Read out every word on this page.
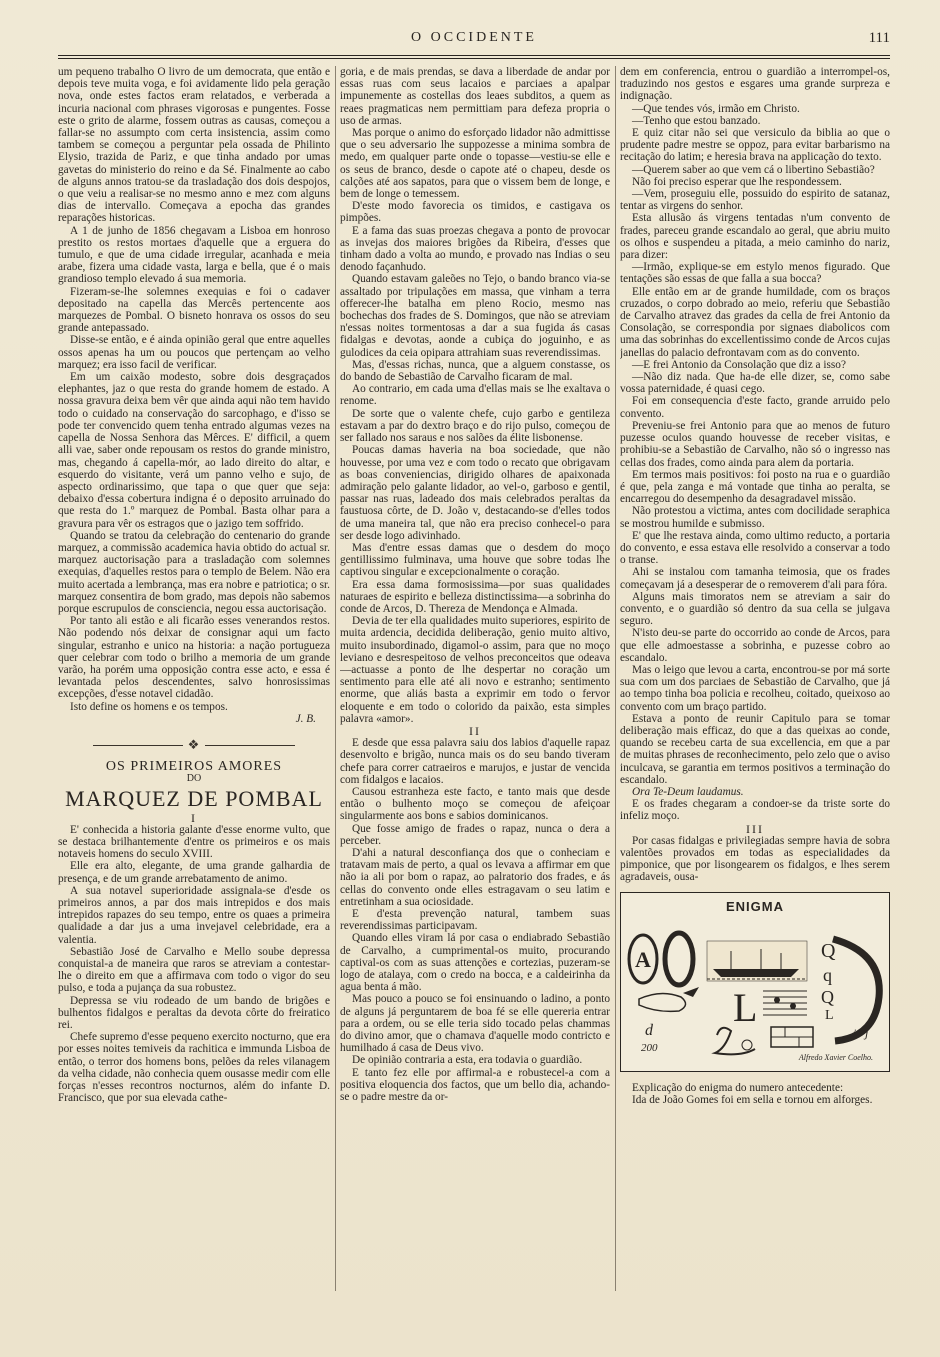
O OCCIDENTE	111

um pequeno trabalho O livro de um democrata, que então e depois teve muita voga, e foi avidamente lido pela geração nova, onde estes factos eram relatados, e verberada a incuria nacional com phrases vigorosas e pungentes. Fosse este o grito de alarme, fossem outras as causas, começou a fallar-se no assumpto com certa insistencia, assim como tambem se começou a perguntar pela ossada de Philinto Elysio, trazida de Pariz, e que tinha andado por umas gavetas do ministerio do reino e da Sé. Finalmente ao cabo de alguns annos tratou-se da trasladação dos dois despojos, o que veiu a realisar-se no mesmo anno e mez com alguns dias de intervallo. Começava a epocha das grandes reparações historicas.

A 1 de junho de 1856 chegavam a Lisboa em honroso prestito os restos mortaes d'aquelle que a erguera do tumulo, e que de uma cidade irregular, acanhada e meia arabe, fizera uma cidade vasta, larga e bella, que é o mais grandioso templo elevado á sua memoria.

Fizeram-se-lhe solemnes exequias e foi o cadaver depositado na capella das Mercês pertencente aos marquezes de Pombal. O bisneto honrava os ossos do seu grande antepassado.

Disse-se então, e é ainda opinião geral que entre aquelles ossos apenas ha um ou poucos que pertençam ao velho marquez; era isso facil de verificar.

Em um caixão modesto, sobre dois desgraçados elephantes, jaz o que resta do grande homem de estado. A nossa gravura deixa bem vêr que ainda aqui não tem havido todo o cuidado na conservação do sarcophago, e d'isso se pode ter convencido quem tenha entrado algumas vezes na capella de Nossa Senhora das Mêrces. E' difficil, a quem alli vae, saber onde repousam os restos do grande ministro, mas, chegando á capella-mór, ao lado direito do altar, e esquerdo do visitante, verá um panno velho e sujo, de aspecto ordinarissimo, que tapa o que quer que seja: debaixo d'essa cobertura indigna é o deposito arruinado do que resta do 1.º marquez de Pombal. Basta olhar para a gravura para vêr os estragos que o jazigo tem soffrido.

Quando se tratou da celebração do centenario do grande marquez, a commissão academica havia obtido do actual sr. marquez auctorisação para a trasladação com solemnes exequias, d'aquelles restos para o templo de Belem. Não era muito acertada a lembrança, mas era nobre e patriotica; o sr. marquez consentira de bom grado, mas depois não sabemos porque escrupulos de consciencia, negou essa auctorisação.

Por tanto ali estão e ali ficarão esses venerandos restos. Não podendo nós deixar de consignar aqui um facto singular, estranho e unico na historia: a nação portugueza quer celebrar com todo o brilho a memoria de um grande varão, ha porém uma opposição contra esse acto, e essa é levantada pelos descendentes, salvo honrosissimas excepções, d'esse notavel cidadão.

Isto define os homens e os tempos.

J. B.

❖

OS PRIMEIROS AMORES

DO

MARQUEZ DE POMBAL

I

E' conhecida a historia galante d'esse enorme vulto, que se destaca brilhantemente d'entre os primeiros e os mais notaveis homens do seculo XVIII.

Elle era alto, elegante, de uma grande galhardia de presença, e de um grande arrebatamento de animo.

A sua notavel superioridade assignala-se d'esde os primeiros annos, a par dos mais intrepidos e dos mais intrepidos rapazes do seu tempo, entre os quaes a primeira qualidade a dar jus a uma invejavel celebridade, era a valentia.

Sebastião José de Carvalho e Mello soube depressa conquistal-a de maneira que raros se atreviam a contestar-lhe o direito em que a affirmava com todo o vigor do seu pulso, e toda a pujança da sua robustez.

Depressa se viu rodeado de um bando de brigões e bulhentos fidalgos e peraltas da devota côrte do freiratico rei.

Chefe supremo d'esse pequeno exercito nocturno, que era por esses noites temiveis da rachitica e immunda Lisboa de então, o terror dos homens bons, pelões da reles vilanagem da velha cidade, não conhecia quem ousasse medir com elle forças n'esses recontros nocturnos, além do infante D. Francisco, que por sua elevada cathe-

goria, e de mais prendas, se dava a liberdade de andar por essas ruas com seus lacaios e parciaes a apalpar impunemente as costellas dos leaes subditos, a quem as reaes pragmaticas nem permittiam para defeza propria o uso de armas.

Mas porque o animo do esforçado lidador não admittisse que o seu adversario lhe suppozesse a minima sombra de medo, em qualquer parte onde o topasse—vestiu-se elle e os seus de branco, desde o capote até o chapeu, desde os calções até aos sapatos, para que o vissem bem de longe, e bem de longe o temessem.

D'este modo favorecia os timidos, e castigava os pimpões.

E a fama das suas proezas chegava a ponto de provocar as invejas dos maiores brigões da Ribeira, d'esses que tinham dado a volta ao mundo, e provado nas Indias o seu denodo façanhudo.

Quando estavam galeões no Tejo, o bando branco via-se assaltado por tripulações em massa, que vinham a terra offerecer-lhe batalha em pleno Rocio, mesmo nas bochechas dos frades de S. Domingos, que não se atreviam n'essas noites tormentosas a dar a sua fugida ás casas fidalgas e devotas, aonde a cubiça do joguinho, e as gulodices da ceia opipara attrahiam suas reverendissimas.

Mas, d'essas richas, nunca, que a alguem constasse, os do bando de Sebastião de Carvalho ficaram de mal.

Ao contrario, em cada uma d'ellas mais se lhe exaltava o renome.

De sorte que o valente chefe, cujo garbo e gentileza estavam a par do dextro braço e do rijo pulso, começou de ser fallado nos saraus e nos salões da élite lisbonense.

Poucas damas haveria na boa sociedade, que não houvesse, por uma vez e com todo o recato que obrigavam as boas conveniencias, dirigido olhares de apaixonada admiração pelo galante lidador, ao vel-o, garboso e gentil, passar nas ruas, ladeado dos mais celebrados peraltas da faustuosa côrte, de D. João v, destacando-se d'elles todos de uma maneira tal, que não era preciso conhecel-o para ser desde logo adivinhado.

Mas d'entre essas damas que o desdem do moço gentillissimo fulminava, uma houve que sobre todas lhe captivou singular e excepcionalmente o coração.

Era essa dama formosissima—por suas qualidades naturaes de espirito e belleza distinctissima—a sobrinha do conde de Arcos, D. Thereza de Mendonça e Almada.

Devia de ter ella qualidades muito superiores, espirito de muita ardencia, decidida deliberação, genio muito altivo, muito insubordinado, digamol-o assim, para que no moço leviano e desrespeitoso de velhos preconceitos que odeava—actuasse a ponto de lhe despertar no coração um sentimento para elle até ali novo e estranho; sentimento enorme, que aliás basta a exprimir em todo o fervor eloquente e em todo o colorido da paixão, esta simples palavra «amor».

II

E desde que essa palavra saiu dos labios d'aquelle rapaz desenvolto e brigão, nunca mais os do seu bando tiveram chefe para correr catraeiros e marujos, e justar de vencida com fidalgos e lacaios.

Causou estranheza este facto, e tanto mais que desde então o bulhento moço se começou de afeiçoar singularmente aos bons e sabios dominicanos.

Que fosse amigo de frades o rapaz, nunca o dera a perceber.

D'ahi a natural desconfiança dos que o conheciam e tratavam mais de perto, a qual os levava a affirmar em que não ia ali por bom o rapaz, ao palratorio dos frades, e ás cellas do convento onde elles estragavam o seu latim e entretinham a sua ociosidade.

E d'esta prevenção natural, tambem suas reverendissimas participavam.

Quando elles viram lá por casa o endiabrado Sebastião de Carvalho, a cumprimental-os muito, procurando captival-os com as suas attenções e cortezias, puzeram-se logo de atalaya, com o credo na bocca, e a caldeirinha da agua benta á mão.

Mas pouco a pouco se foi ensinuando o ladino, a ponto de alguns já perguntarem de boa fé se elle quereria entrar para a ordem, ou se elle teria sido tocado pelas chammas do divino amor, que o chamava d'aquelle modo contricto e humilhado á casa de Deus vivo.

De opinião contraria a esta, era todavia o guardião.

E tanto fez elle por affirmal-a e robustecel-a com a positiva eloquencia dos factos, que um bello dia, achando-se o padre mestre da or-

dem em conferencia, entrou o guardião a interrompel-os, traduzindo nos gestos e esgares uma grande surpreza e indignação.

—Que tendes vós, irmão em Christo.

—Tenho que estou banzado.

E quiz citar não sei que versiculo da biblia ao que o prudente padre mestre se oppoz, para evitar barbarismo na recitação do latim; e heresia brava na applicação do texto.

—Querem saber ao que vem cá o libertino Sebastião?

Não foi preciso esperar que lhe respondessem.

—Vem, proseguiu elle, possuido do espirito de satanaz, tentar as virgens do senhor.

Esta allusão ás virgens tentadas n'um convento de frades, pareceu grande escandalo ao geral, que abriu muito os olhos e suspendeu a pitada, a meio caminho do nariz, para dizer:

—Irmão, explique-se em estylo menos figurado. Que tentações são essas de que falla a sua bocca?

Elle então em ar de grande humildade, com os braços cruzados, o corpo dobrado ao meio, referiu que Sebastião de Carvalho atravez das grades da cella de frei Antonio da Consolação, se correspondia por signaes diabolicos com uma das sobrinhas do excellentissimo conde de Arcos cujas janellas do palacio defrontavam com as do convento.

—E frei Antonio da Consolação que diz a isso?

—Não diz nada. Que ha-de elle dizer, se, como sabe vossa paternidade, é quasi cego.

Foi em consequencia d'este facto, grande arruido pelo convento.

Preveniu-se frei Antonio para que ao menos de futuro puzesse oculos quando houvesse de receber visitas, e prohibiu-se a Sebastião de Carvalho, não só o ingresso nas cellas dos frades, como ainda para alem da portaria.

Em termos mais positivos: foi posto na rua e o guardião é que, pela zanga e má vontade que tinha ao peralta, se encarregou do desempenho da desagradavel missão.

Não protestou a victima, antes com docilidade seraphica se mostrou humilde e submisso.

E' que lhe restava ainda, como ultimo reducto, a portaria do convento, e essa estava elle resolvido a conservar a todo o transe.

Ahi se instalou com tamanha teimosia, que os frades começavam já a desesperar de o removerem d'ali para fóra.

Alguns mais timoratos nem se atreviam a sair do convento, e o guardião só dentro da sua cella se julgava seguro.

N'isto deu-se parte do occorrido ao conde de Arcos, para que elle admoestasse a sobrinha, e puzesse cobro ao escandalo.

Mas o leigo que levou a carta, encontrou-se por má sorte sua com um dos parciaes de Sebastião de Carvalho, que já ao tempo tinha boa policia e recolheu, coitado, queixoso ao convento com um braço partido.

Estava a ponto de reunir Capitulo para se tomar deliberação mais efficaz, do que a das queixas ao conde, quando se recebeu carta de sua excellencia, em que a par de muitas phrases de reconhecimento, pelo zelo que o aviso inculcava, se garantia em termos positivos a terminação do escandalo.

Ora Te-Deum laudamus.

E os frades chegaram a condoer-se da triste sorte do infeliz moço.

III

Por casas fidalgas e privilegiadas sempre havia de sobra valentões provados em todas as especialidades da pimponice, que por lisongearem os fidalgos, e lhes serem agradaveis, ousa-

ENIGMA
A	Q
q
Q
L	L
d
200
i j
Alfredo Xavier Coelho.

Explicação do enigma do numero antecedente:

Ida de João Gomes foi em sella e tornou em alforges.
